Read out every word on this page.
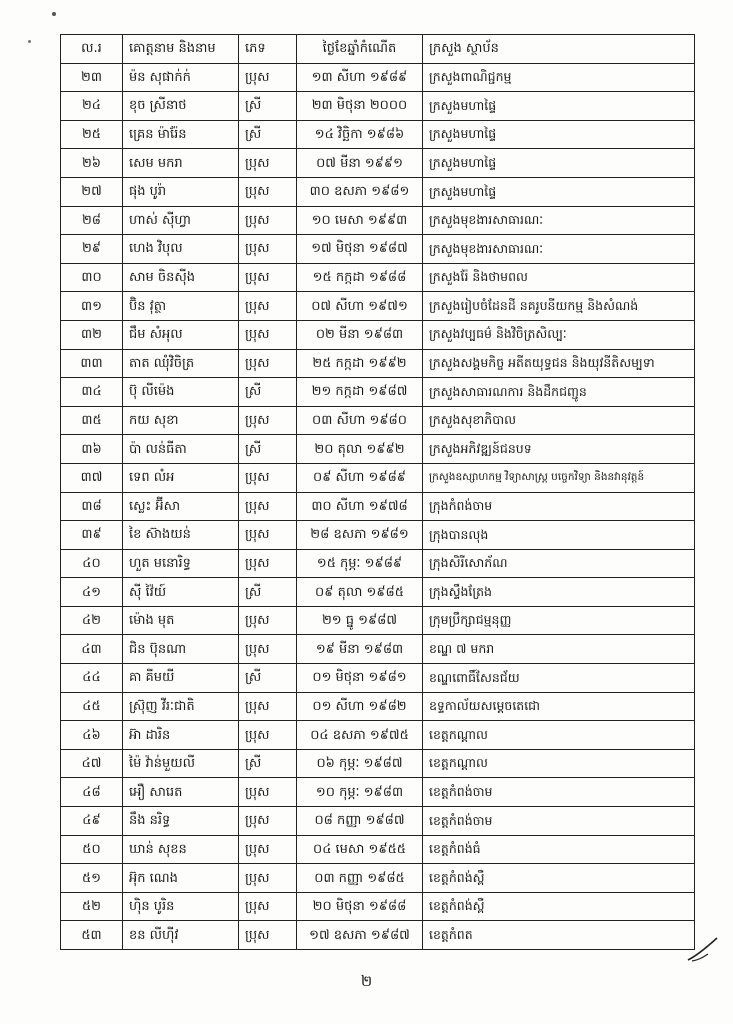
ល.រ	គោត្តនាម និងនាម	ភេទ	ថ្ងៃខែឆ្នាំកំណើត	ក្រសួង ស្ថាប័ន
២៣	ម៉ន សុផាក់ក់	ប្រុស	១៣ សីហា ១៩៨៩	ក្រសួងពាណិជ្ជកម្ម
២៤	ខុច ស្រីនាថ	ស្រី	២៣ មិថុនា ២០០០	ក្រសួងមហាផ្ទៃ
២៥	គ្រេន ម៉ារ៉ែន	ស្រី	១៤ វិច្ឆិកា ១៩៨៦	ក្រសួងមហាផ្ទៃ
២៦	សេម មករា	ប្រុស	០៧ មីនា ១៩៩១	ក្រសួងមហាផ្ទៃ
២៧	ផុង បូរ៉ា	ប្រុស	៣០ ឧសភា ១៩៨១	ក្រសួងមហាផ្ទៃ
២៨	ហាស់ ស៊ីហ្វា	ប្រុស	១០ មេសា ១៩៩៣	ក្រសួងមុខងារសាធារណៈ
២៩	ហេង វិបុល	ប្រុស	១៧ មិថុនា ១៩៨៧	ក្រសួងមុខងារសាធារណៈ
៣០	សាម ចិនស៊ីង	ប្រុស	១៥ កក្កដា ១៩៨៨	ក្រសួងរ៉ែ និងថាមពល
៣១	ប៊ិន វុត្ថា	ប្រុស	០៧ សីហា ១៩៧១	ក្រសួងរៀបចំដែនដី នគរូបនីយកម្ម និងសំណង់
៣២	ជឹម សំអុល	ប្រុស	០២ មីនា ១៩៨៣	ក្រសួងវប្បធម៌ និងវិចិត្រសិល្បៈ
៣៣	តាត ឈុំវិចិត្រ	ប្រុស	២៥ កក្កដា ១៩៩២	ក្រសួងសង្គមកិច្ច អតីតយុទ្ធជន និងយុវនីតិសម្បទា
៣៤	ប៊ុ លីម៉េង	ស្រី	២១ កក្កដា ១៩៨៧	ក្រសួងសាធារណការ និងដឹកជញ្ជូន
៣៥	កយ សុខា	ប្រុស	០៣ សីហា ១៩៨០	ក្រសួងសុខាភិបាល
៣៦	ប៉ា លន់ធីតា	ស្រី	២០ តុលា ១៩៩២	ក្រសួងអភិវឌ្ឍន៍ជនបទ
៣៧	ទេព លំអ	ប្រុស	០៩ សីហា ១៩៨៩	ក្រសួងឧស្សាហកម្ម វិទ្យាសាស្ត្រ បច្ចេកវិទ្យា និងនវានុវត្តន៍
៣៨	ស្លេះ អ៊ីសា	ប្រុស	៣០ សីហា ១៩៧៨	ក្រុងកំពង់ចាម
៣៩	ខៃ ស៊ាងយន់	ប្រុស	២៨ ឧសភា ១៩៨១	ក្រុងបានលុង
៤០	ហួត មនោរិទ្ធ	ប្រុស	១៥ កុម្ភៈ ១៩៨៩	ក្រុងសិរីសោភ័ណ
៤១	ស៊ី វ៉ៃយ៍	ស្រី	០៩ តុលា ១៩៨៥	ក្រុងស្ទឹងត្រែង
៤២	ម៉ោង មុត	ប្រុស	២១ ធ្នូ ១៩៨៧	ក្រុមប្រឹក្សាជម្មនុញ្ញ
៤៣	ជិន ប៊ុនណា	ប្រុស	១៩ មីនា ១៩៨៣	ខណ្ឌ ៧ មករា
៤៤	គា គីមយី	ស្រី	០១ មិថុនា ១៩៨១	ខណ្ឌពោធិ៍សែនជ័យ
៤៥	ស្រ៊ុញ វីរៈជាតិ	ប្រុស	០១ សីហា ១៩៨២	ឧទ្ទកាល័យសម្ដេចតេជោ
៤៦	អ៊ា ដារិន	ប្រុស	០៤ ឧសភា ១៩៧៥	ខេត្តកណ្ដាល
៤៧	ម៉ៃ វ៉ាន់មួយលី	ស្រី	០៦ កុម្ភៈ ១៩៨៧	ខេត្តកណ្ដាល
៤៨	អឿ សារេត	ប្រុស	១០ កុម្ភៈ ១៩៨៣	ខេត្តកំពង់ចាម
៤៩	នឹង នរិទ្ធ	ប្រុស	០៨ កញ្ញា ១៩៨៧	ខេត្តកំពង់ចាម
៥០	ឃាន់ សុខន	ប្រុស	០៤ មេសា ១៩៥៥	ខេត្តកំពង់ធំ
៥១	អ៊ុក ណេង	ប្រុស	០៣ កញ្ញា ១៩៨៥	ខេត្តកំពង់ស្ពឺ
៥២	ហ៊ិន បូរិន	ប្រុស	២០ មិថុនា ១៩៨៨	ខេត្តកំពង់ស្ពឺ
៥៣	ខន លីហ៊ីវ	ប្រុស	១៧ ឧសភា ១៩៨៧	ខេត្តកំពត
២
